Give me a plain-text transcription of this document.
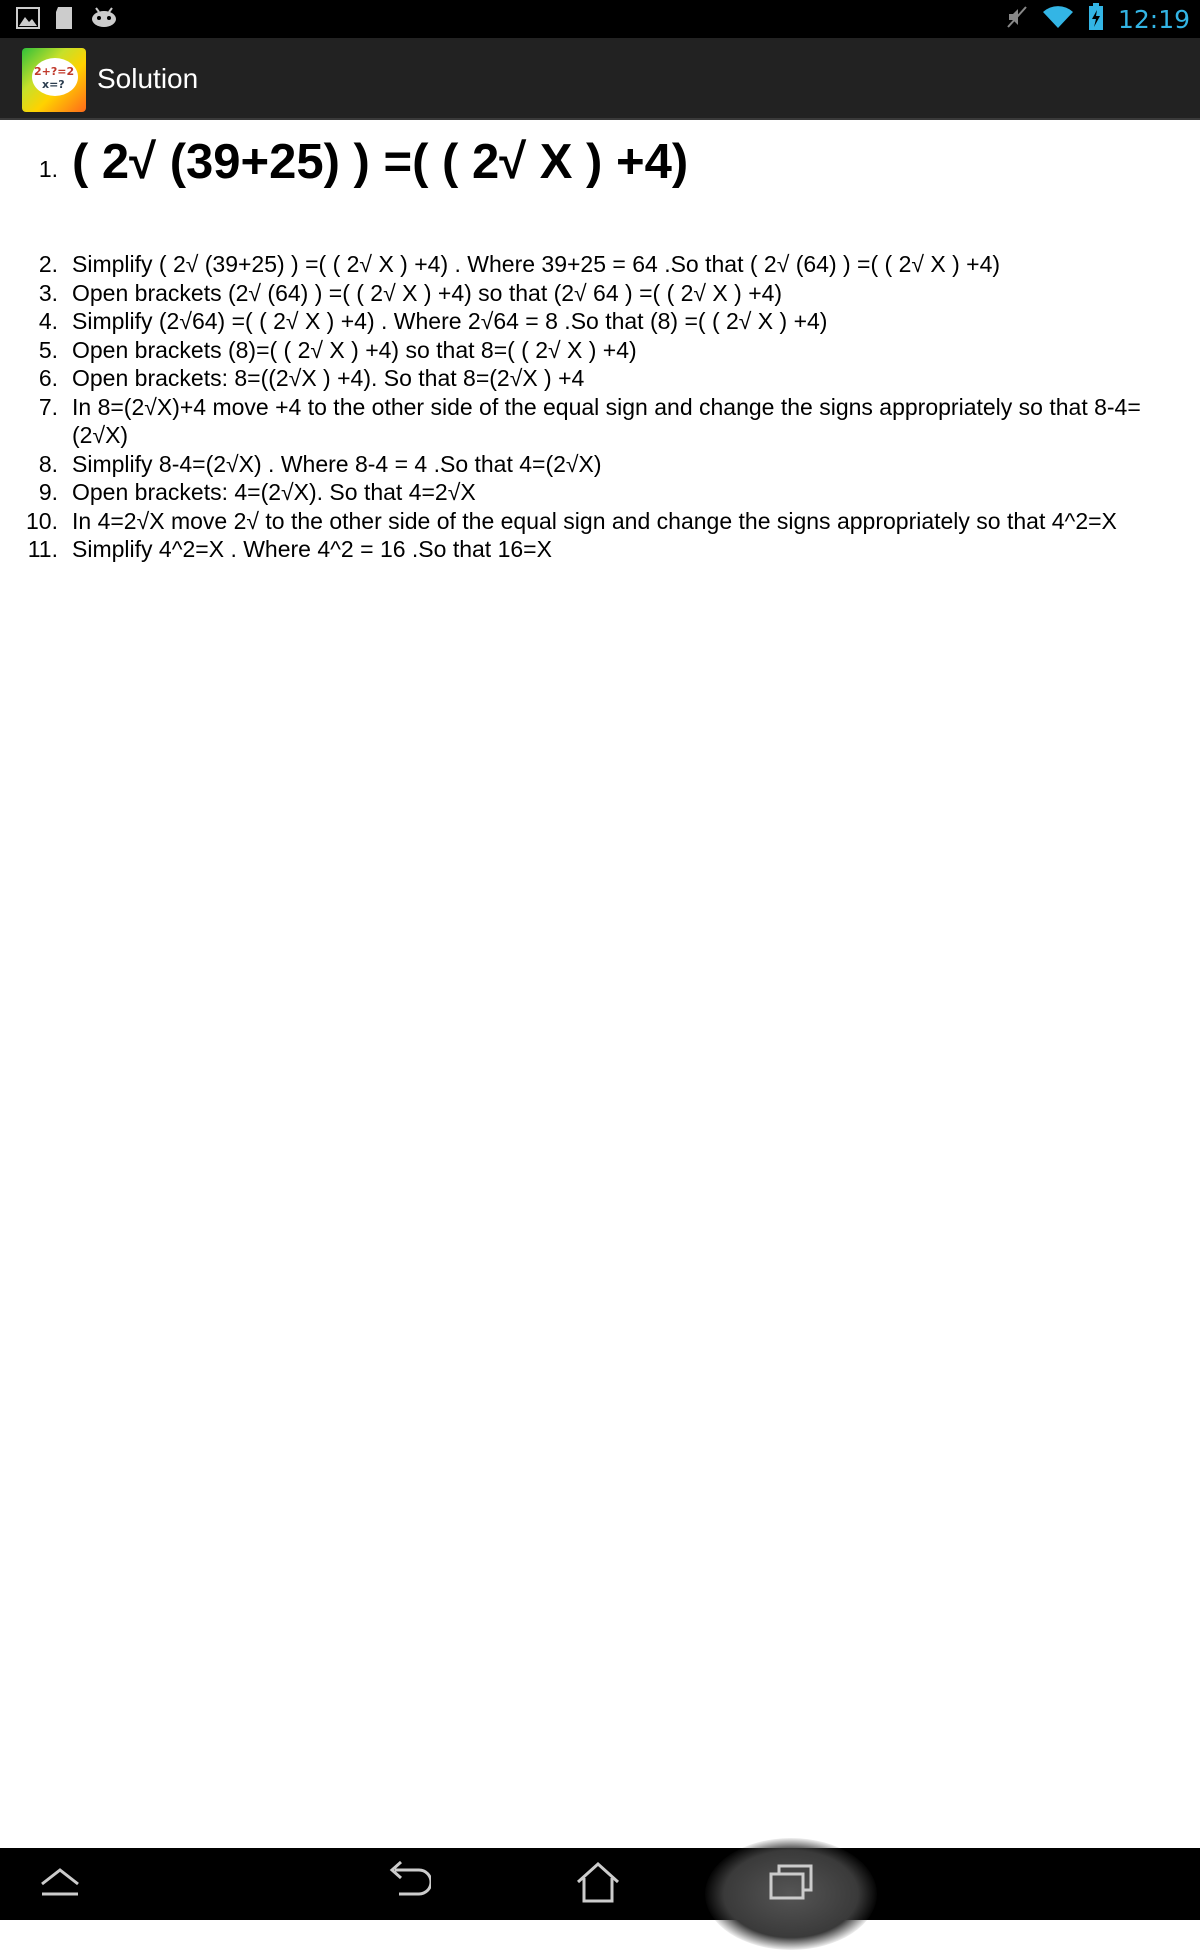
12:19
2+?=2
x=? Solution
1. ( 2√ (39+25) ) =( ( 2√ X ) +4)
2. Simplify ( 2√ (39+25) ) =( ( 2√ X ) +4) . Where 39+25 = 64 .So that ( 2√ (64) ) =( ( 2√ X ) +4)
3. Open brackets (2√ (64) ) =( ( 2√ X ) +4) so that (2√ 64 ) =( ( 2√ X ) +4)
4. Simplify (2√64) =( ( 2√ X ) +4) . Where 2√64 = 8 .So that (8) =( ( 2√ X ) +4)
5. Open brackets (8)=( ( 2√ X ) +4) so that 8=( ( 2√ X ) +4)
6. Open brackets: 8=((2√X ) +4). So that 8=(2√X ) +4
7. In 8=(2√X)+4 move +4 to the other side of the equal sign and change the signs appropriately so that 8-4=(2√X)
8. Simplify 8-4=(2√X) . Where 8-4 = 4 .So that 4=(2√X)
9. Open brackets: 4=(2√X). So that 4=2√X
10. In 4=2√X move 2√ to the other side of the equal sign and change the signs appropriately so that 4^2=X
11. Simplify 4^2=X . Where 4^2 = 16 .So that 16=X
